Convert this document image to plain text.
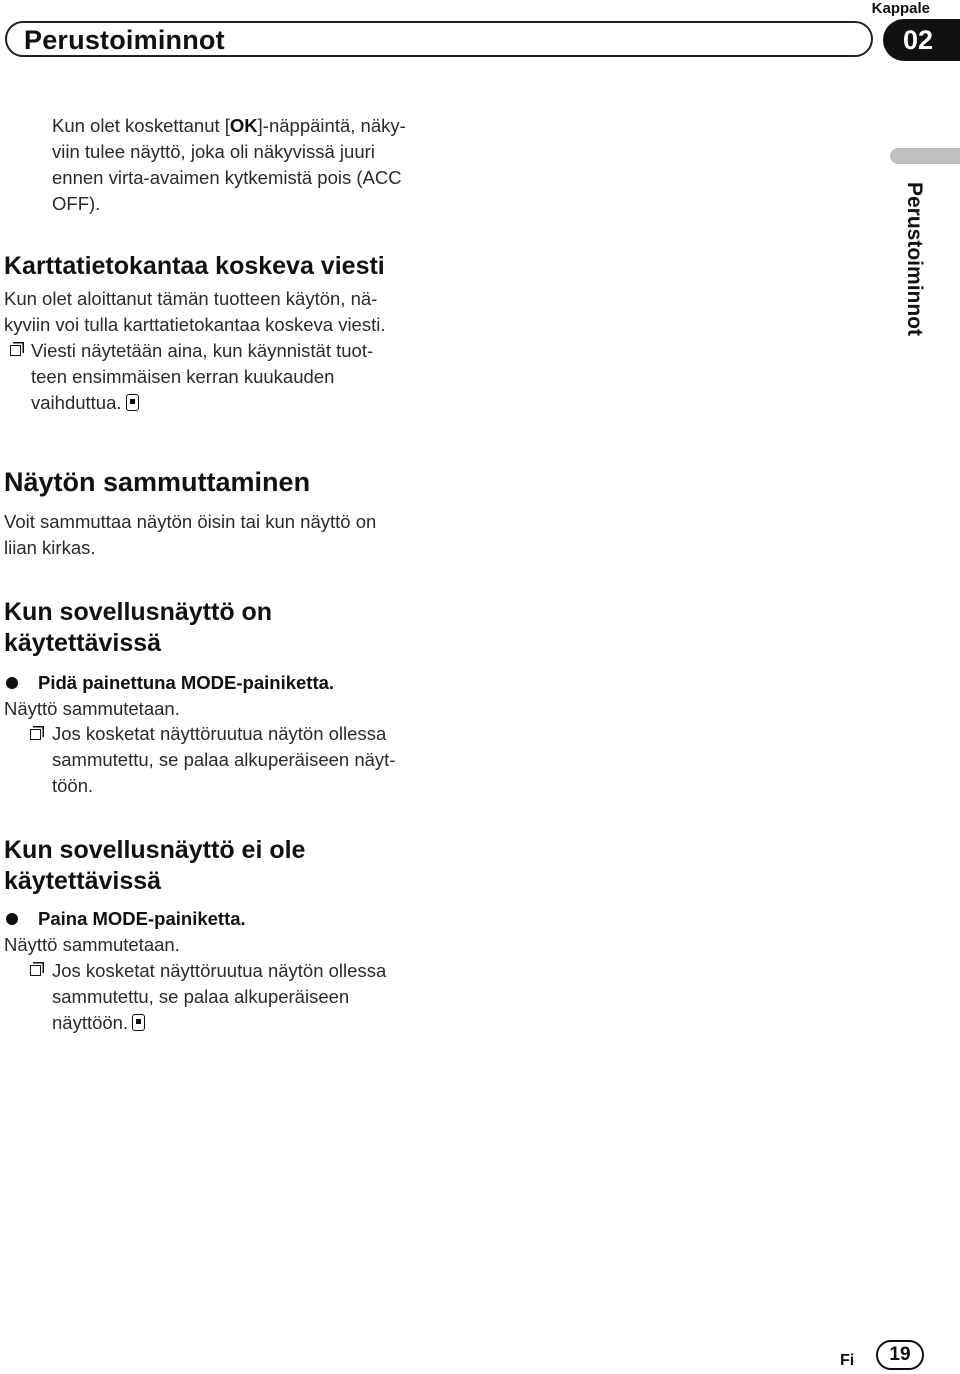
Perustoiminnot
Kappale
02
Perustoiminnot
Kun olet koskettanut [OK]-näppäintä, näky-
viin tulee näyttö, joka oli näkyvissä juuri
ennen virta-avaimen kytkemistä pois (ACC
OFF).
Karttatietokantaa koskeva viesti
Kun olet aloittanut tämän tuotteen käytön, nä-
kyviin voi tulla karttatietokantaa koskeva viesti.
Viesti näytetään aina, kun käynnistät tuot-
teen ensimmäisen kerran kuukauden
vaihduttua.
Näytön sammuttaminen
Voit sammuttaa näytön öisin tai kun näyttö on
liian kirkas.
Kun sovellusnäyttö on
käytettävissä
Pidä painettuna MODE-painiketta.
Näyttö sammutetaan.
Jos kosketat näyttöruutua näytön ollessa
sammutettu, se palaa alkuperäiseen näyt-
töön.
Kun sovellusnäyttö ei ole
käytettävissä
Paina MODE-painiketta.
Näyttö sammutetaan.
Jos kosketat näyttöruutua näytön ollessa
sammutettu, se palaa alkuperäiseen
näyttöön.
Fi	19
